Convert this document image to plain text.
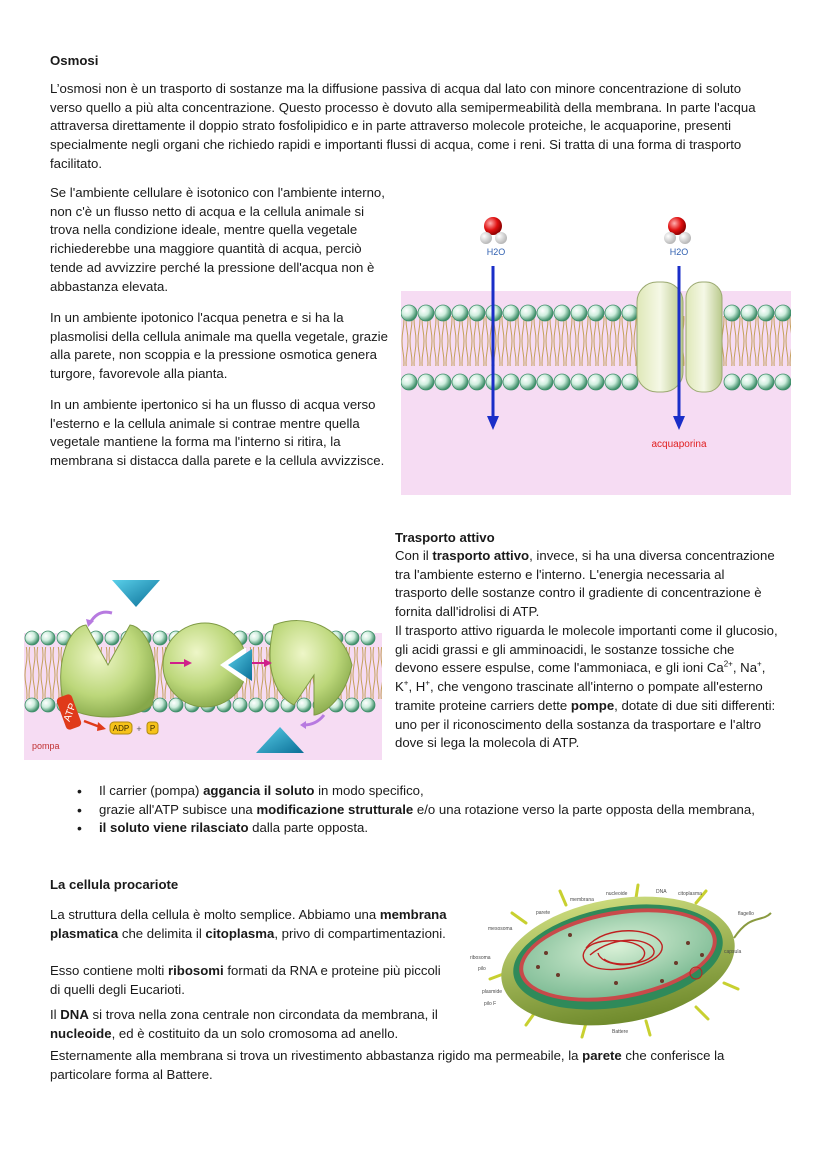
Osmosi

L’osmosi non è un trasporto di sostanze ma la diffusione passiva di acqua dal lato con minore concentrazione di soluto verso quello a più alta concentrazione. Questo processo è dovuto alla semipermeabilità della membrana. In parte l'acqua attraversa direttamente il doppio strato fosfolipidico e in parte attraverso molecole proteiche, le acquaporine, presenti specialmente negli organi che richiedo rapidi e importanti flussi di acqua, come i reni. Si tratta di una forma di trasporto facilitato.

Se l'ambiente cellulare è isotonico con l'ambiente interno, non c'è un flusso netto di acqua e la cellula animale si trova nella condizione ideale, mentre quella vegetale richiederebbe una maggiore quantità di acqua, perciò tende ad avvizzire perché la pressione dell'acqua non è abbastanza elevata.

In un ambiente ipotonico l'acqua penetra e si ha la plasmolisi della cellula animale ma quella vegetale, grazie alla parete, non scoppia e la pressione osmotica genera turgore, favorevole alla pianta.

In un ambiente ipertonico si ha un flusso di acqua verso l'esterno e la cellula animale si contrae mentre quella vegetale mantiene la forma ma l'interno si ritira, la membrana si distacca dalla parete e la cellula avvizzisce.

H2O	H2O
acquaporina
Trasporto attivo

Con il trasporto attivo, invece, si ha una diversa concentrazione tra l'ambiente esterno e l'interno. L'energia necessaria al trasporto delle sostanze contro il gradiente di concentrazione è fornita dall'idrolisi di ATP.

Il trasporto attivo riguarda le molecole importanti come il glucosio, gli acidi grassi e gli amminoacidi, le sostanze tossiche che devono essere espulse, come l'ammoniaca, e gli ioni $Ca^{2+}$, Na+, K+, H+, che vengono trascinate all'interno o pompate all'esterno tramite proteine carriers dette pompe, dotate di due siti differenti: uno per il riconoscimento della sostanza da trasportare e l'altro dove si lega la molecola di ATP.

ATP
ADP + P
pompa
• Il carrier (pompa) aggancia il soluto in modo specifico,
• grazie all'ATP subisce una modificazione strutturale e/o una rotazione verso la parte opposta della membrana,
• il soluto viene rilasciato dalla parte opposta.
La cellula procariote

La struttura della cellula è molto semplice. Abbiamo una membrana plasmatica che delimita il citoplasma, privo di compartimentazioni.

Esso contiene molti ribosomi formati da RNA e proteine più piccoli di quelli degli Eucarioti.

Il DNA si trova nella zona centrale non circondata da membrana, il nucleoide, ed è costituito da un solo cromosoma ad anello.

Esternamente alla membrana si trova un rivestimento abbastanza rigido ma permeabile, la parete che conferisce la particolare forma al Battere.

membrana
nucleoide	DNA citoplasma
parete	flagello
mesosoma
ribosoma
capsula
pilo
plasmide
pilo F
Battere
